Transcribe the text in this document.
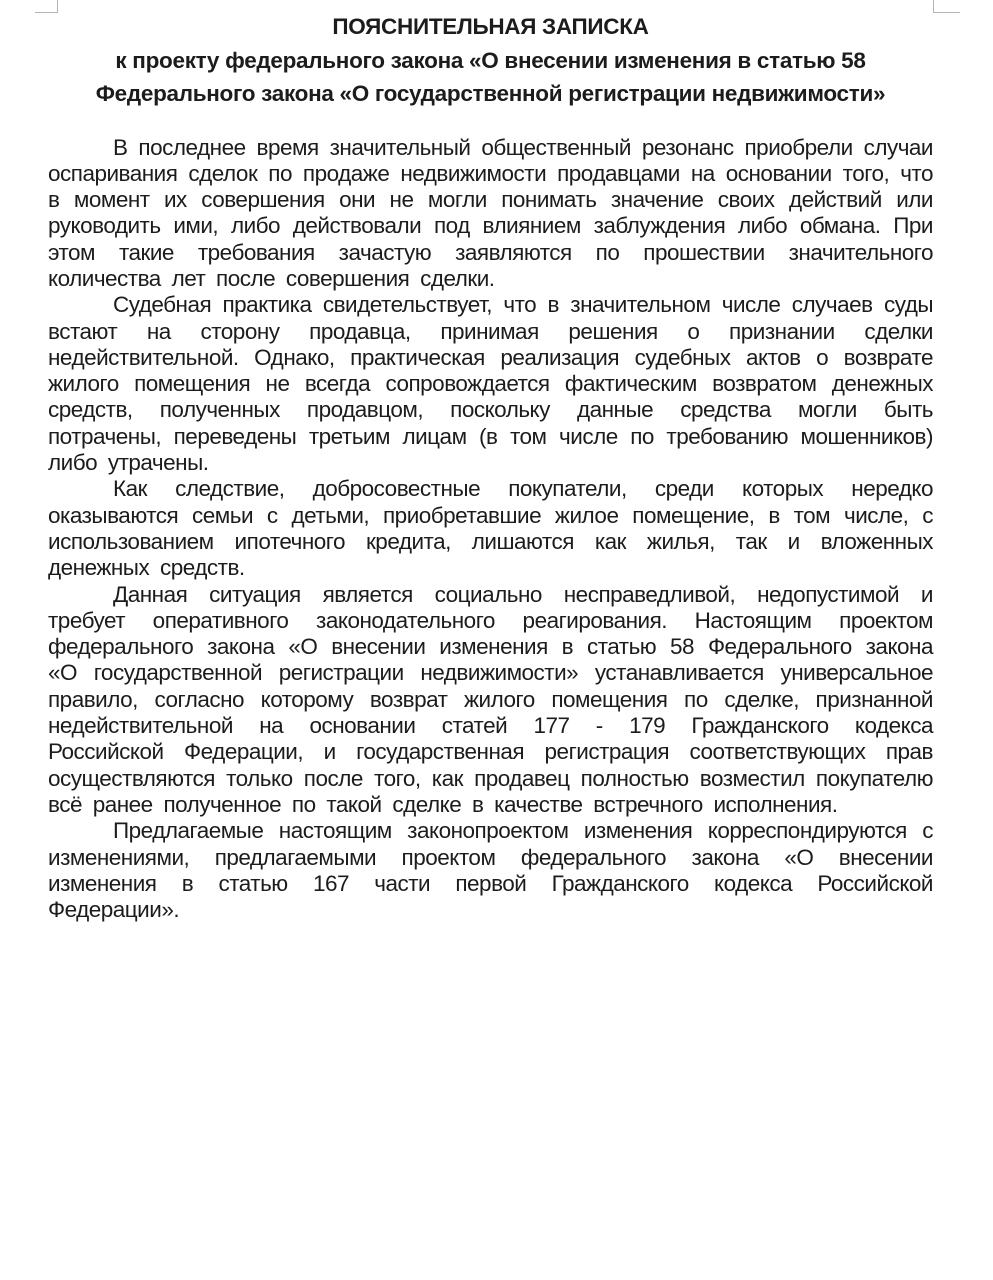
ПОЯСНИТЕЛЬНАЯ ЗАПИСКА
к проекту федерального закона «О внесении изменения в статью 58
Федерального закона «О государственной регистрации недвижимости»

В последнее время значительный общественный резонанс приобрели случаи оспаривания сделок по продаже недвижимости продавцами на основании того, что в момент их совершения они не могли понимать значение своих действий или руководить ими, либо действовали под влиянием заблуждения либо обмана. При этом такие требования зачастую заявляются по прошествии значительного количества лет после совершения сделки.

Судебная практика свидетельствует, что в значительном числе случаев суды встают на сторону продавца, принимая решения о признании сделки недействительной. Однако, практическая реализация судебных актов о возврате жилого помещения не всегда сопровождается фактическим возвратом денежных средств, полученных продавцом, поскольку данные средства могли быть потрачены, переведены третьим лицам (в том числе по требованию мошенников) либо утрачены.

Как следствие, добросовестные покупатели, среди которых нередко оказываются семьи с детьми, приобретавшие жилое помещение, в том числе, с использованием ипотечного кредита, лишаются как жилья, так и вложенных денежных средств.

Данная ситуация является социально несправедливой, недопустимой и требует оперативного законодательного реагирования. Настоящим проектом федерального закона «О внесении изменения в статью 58 Федерального закона «О государственной регистрации недвижимости» устанавливается универсальное правило, согласно которому возврат жилого помещения по сделке, признанной недействительной на основании статей 177 - 179 Гражданского кодекса Российской Федерации, и государственная регистрация соответствующих прав осуществляются только после того, как продавец полностью возместил покупателю всё ранее полученное по такой сделке в качестве встречного исполнения.

Предлагаемые настоящим законопроектом изменения корреспондируются с изменениями, предлагаемыми проектом федерального закона «О внесении изменения в статью 167 части первой Гражданского кодекса Российской Федерации».
